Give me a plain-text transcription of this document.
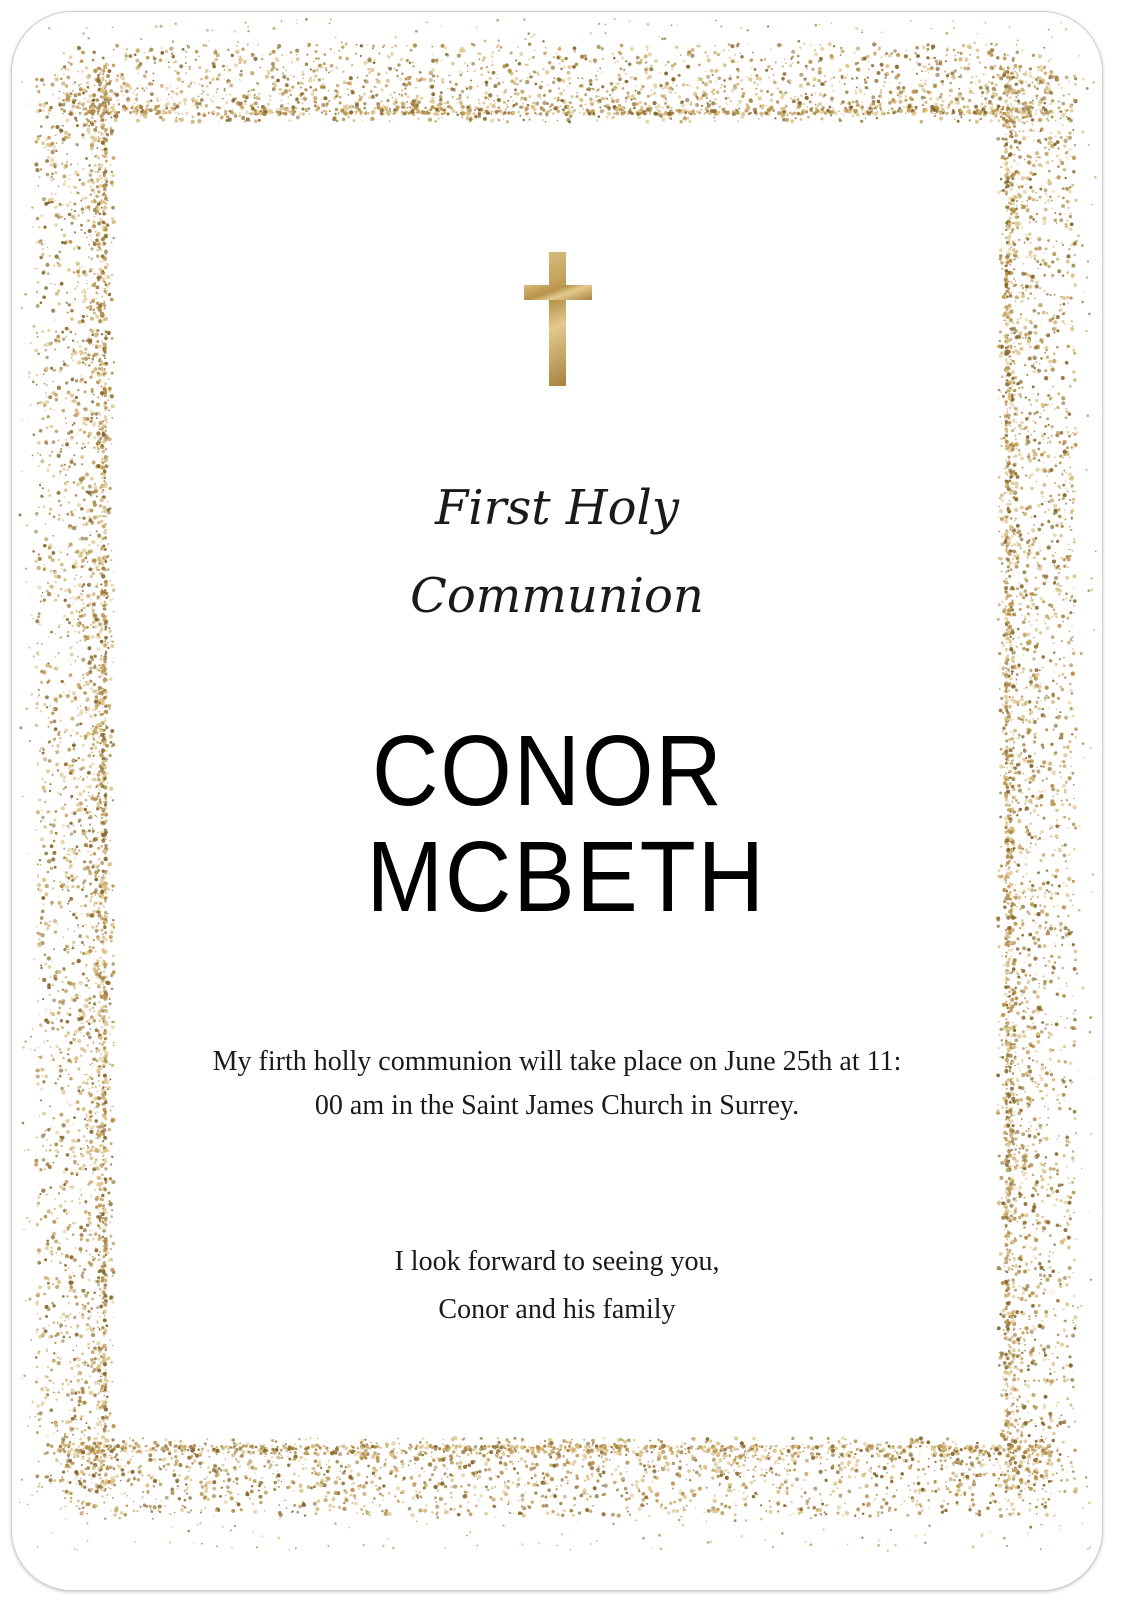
First Holy
Communion
CONOR
MCBETH
My firth holly communion will take place on June 25th at 11:
00 am in the Saint James Church in Surrey.
I look forward to seeing you,
Conor and his family
